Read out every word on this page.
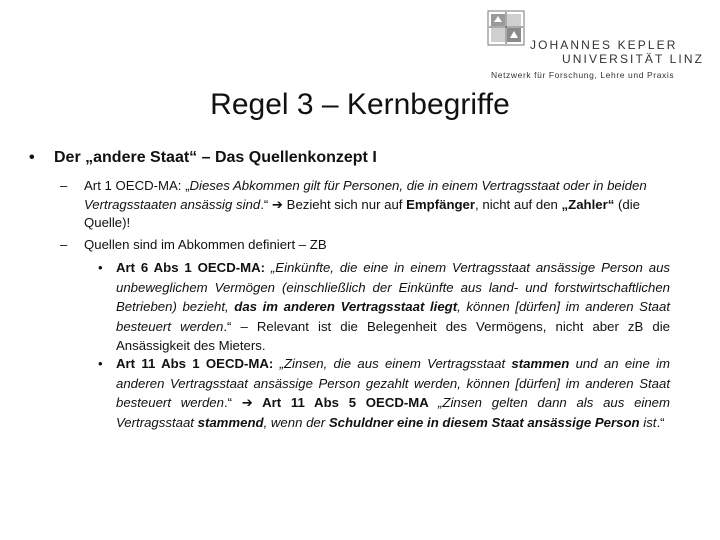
JOHANNES KEPLER
UNIVERSITÄT LINZ
Netzwerk für Forschung, Lehre und Praxis
Regel 3 – Kernbegriffe
• Der „andere Staat“ – Das Quellenkonzept I
– Art 1 OECD-MA: „Dieses Abkommen gilt für Personen, die in einem Vertragsstaat oder in beiden Vertragsstaaten ansässig sind.“ ➔ Bezieht sich nur auf Empfänger, nicht auf den „Zahler“ (die Quelle)!
– Quellen sind im Abkommen definiert – ZB
• Art 6 Abs 1 OECD-MA: „Einkünfte, die eine in einem Vertragsstaat ansässige Person aus unbeweglichem Vermögen (einschließlich der Einkünfte aus land- und forstwirtschaftlichen Betrieben) bezieht, das im anderen Vertragsstaat liegt, können [dürfen] im anderen Staat besteuert werden.“ – Relevant ist die Belegenheit des Vermögens, nicht aber zB die Ansässigkeit des Mieters.
• Art 11 Abs 1 OECD-MA: „Zinsen, die aus einem Vertragsstaat stammen und an eine im anderen Vertragsstaat ansässige Person gezahlt werden, können [dürfen] im anderen Staat besteuert werden.“ ➔ Art 11 Abs 5 OECD-MA „Zinsen gelten dann als aus einem Vertragsstaat stammend, wenn der Schuldner eine in diesem Staat ansässige Person ist.“
